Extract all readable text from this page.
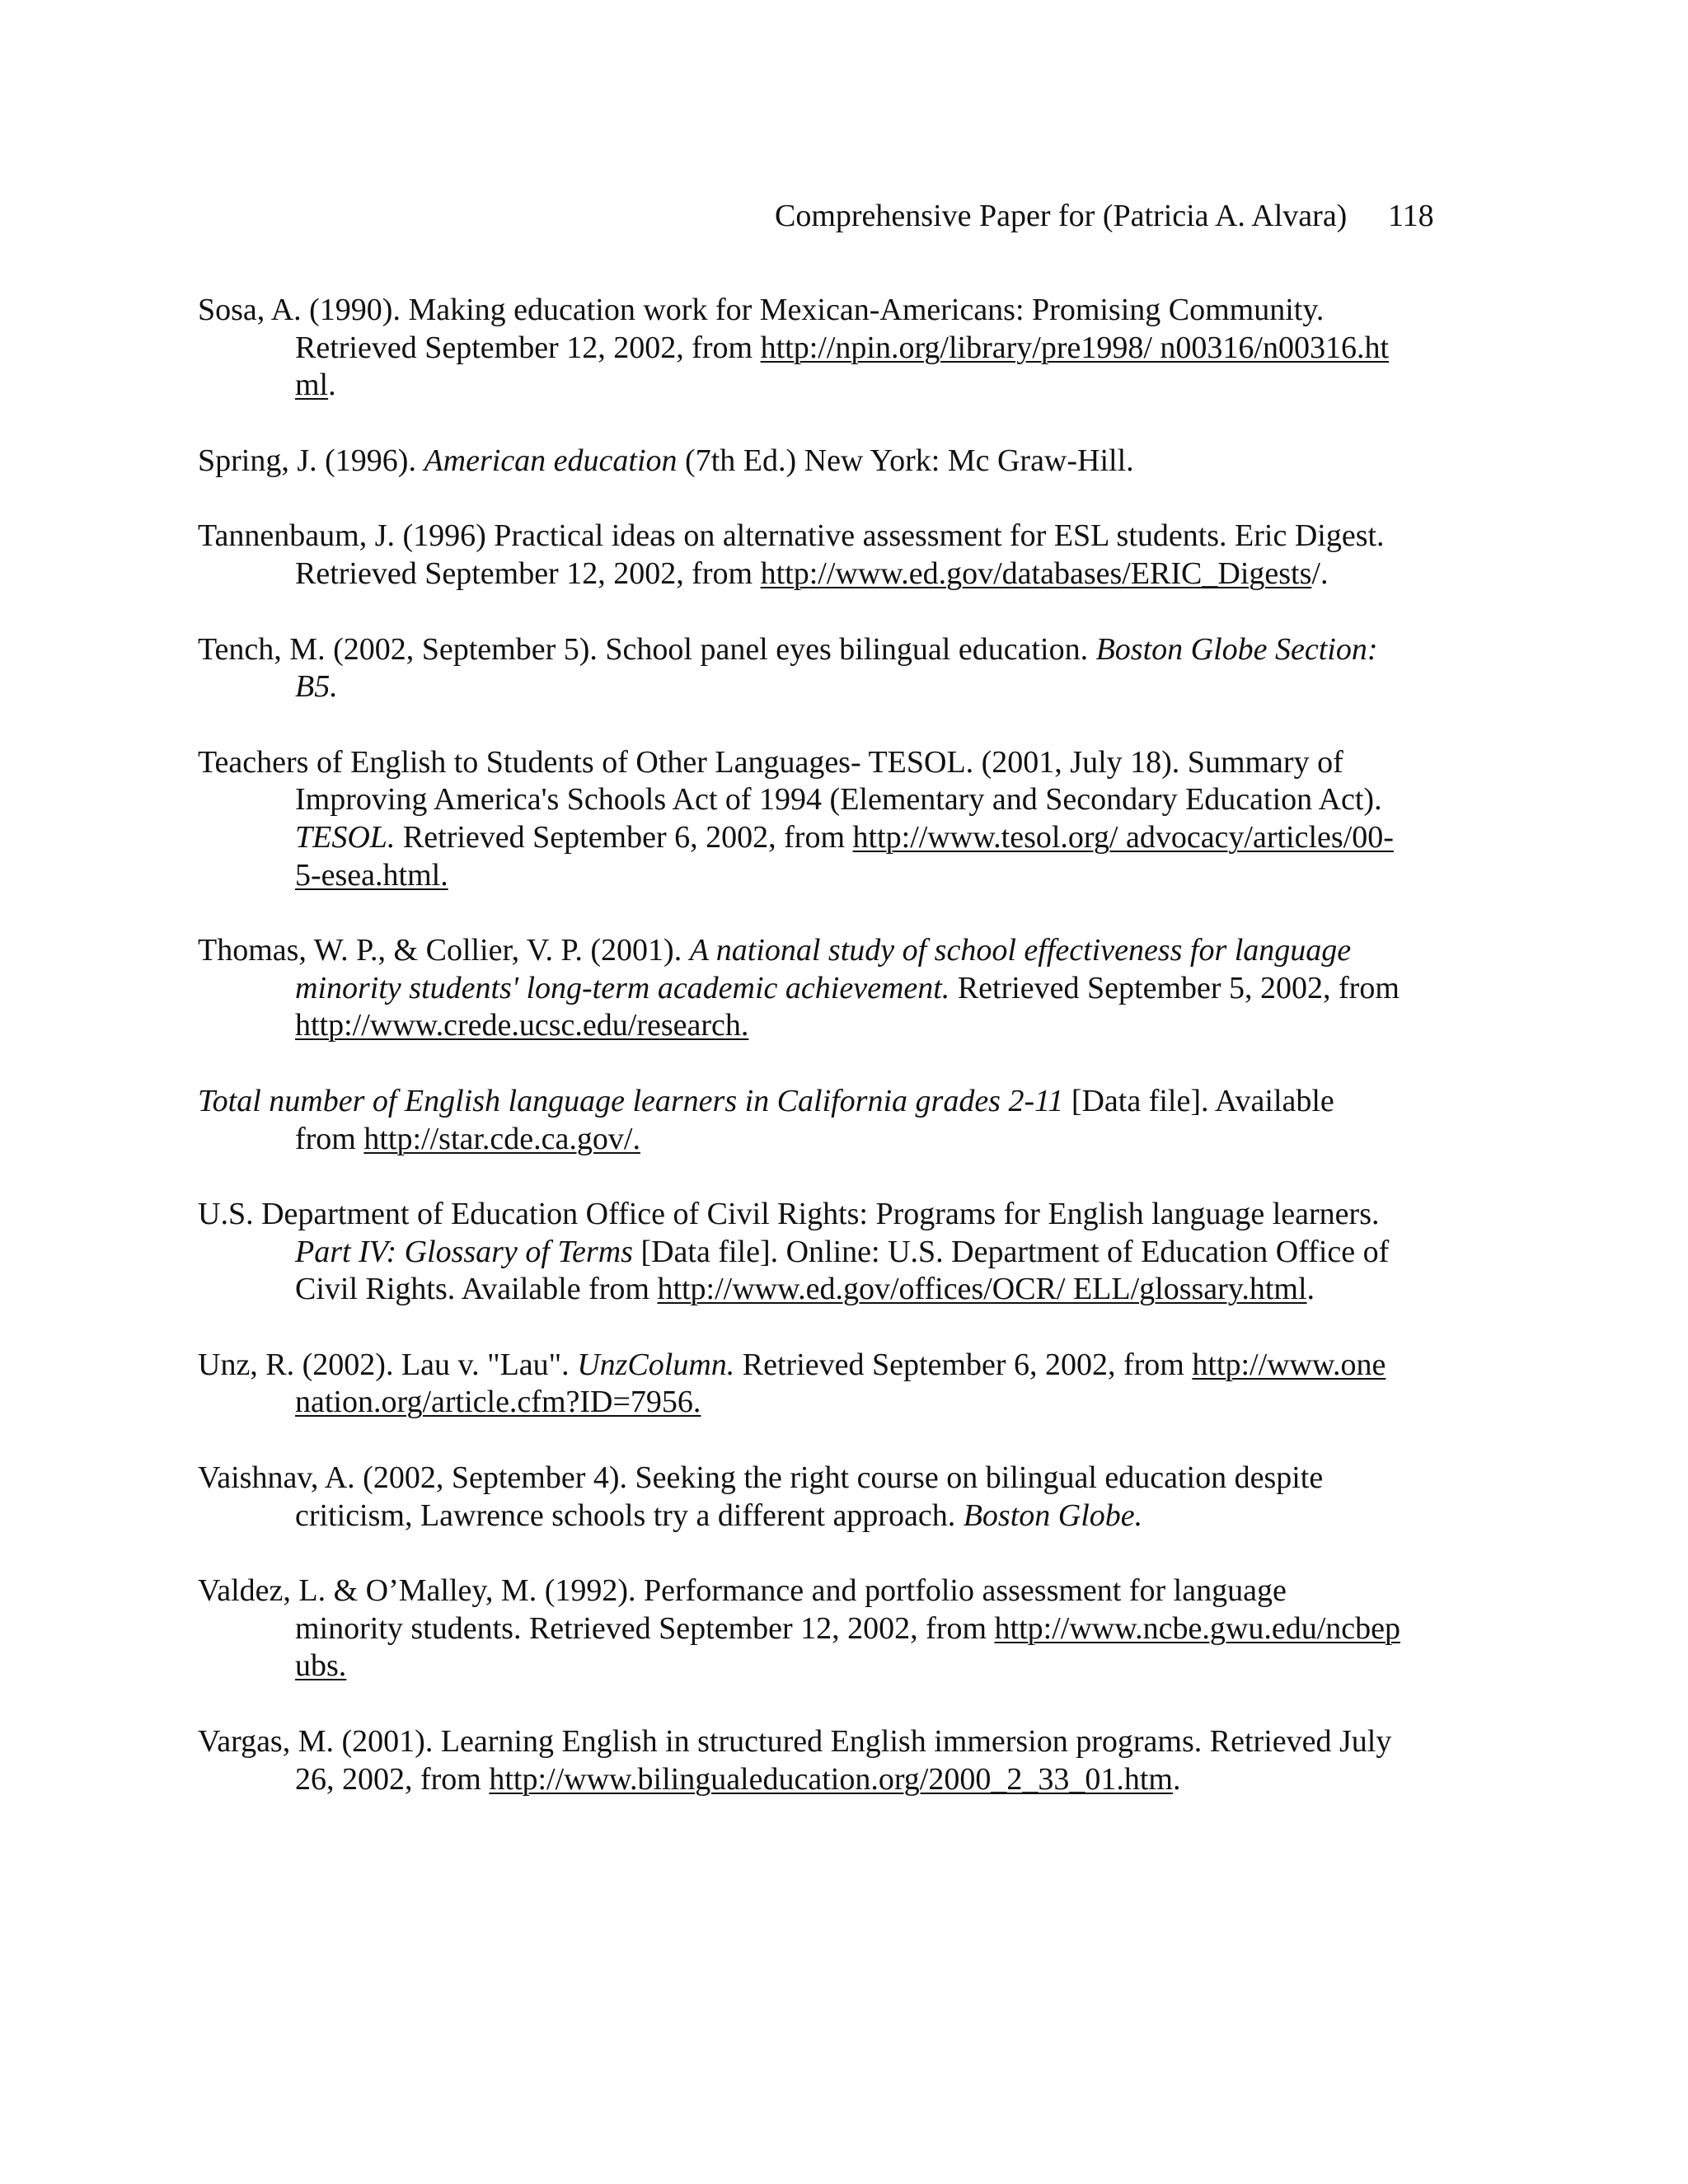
Comprehensive Paper for (Patricia A. Alvara) 118
Sosa, A. (1990). Making education work for Mexican-Americans: Promising Community. Retrieved September 12, 2002, from http://npin.org/library/pre1998/ n00316/n00316.html.
Spring, J. (1996). American education (7th Ed.) New York: Mc Graw-Hill.
Tannenbaum, J. (1996) Practical ideas on alternative assessment for ESL students. Eric Digest. Retrieved September 12, 2002, from http://www.ed.gov/databases/ERIC_Digests/.
Tench, M. (2002, September 5). School panel eyes bilingual education. Boston Globe Section: B5.
Teachers of English to Students of Other Languages- TESOL. (2001, July 18). Summary of Improving America's Schools Act of 1994 (Elementary and Secondary Education Act). TESOL. Retrieved September 6, 2002, from http://www.tesol.org/ advocacy/articles/00-5-esea.html.
Thomas, W. P., & Collier, V. P. (2001). A national study of school effectiveness for language minority students' long-term academic achievement. Retrieved September 5, 2002, from http://www.crede.ucsc.edu/research.
Total number of English language learners in California grades 2-11 [Data file]. Available from http://star.cde.ca.gov/.
U.S. Department of Education Office of Civil Rights: Programs for English language learners. Part IV: Glossary of Terms [Data file]. Online: U.S. Department of Education Office of Civil Rights. Available from http://www.ed.gov/offices/OCR/ ELL/glossary.html.
Unz, R. (2002). Lau v. "Lau". UnzColumn. Retrieved September 6, 2002, from http://www.onenation.org/article.cfm?ID=7956.
Vaishnav, A. (2002, September 4). Seeking the right course on bilingual education despite criticism, Lawrence schools try a different approach. Boston Globe.
Valdez, L. & O’Malley, M. (1992). Performance and portfolio assessment for language minority students. Retrieved September 12, 2002, from http://www.ncbe.gwu.edu/ncbepubs.
Vargas, M. (2001). Learning English in structured English immersion programs. Retrieved July 26, 2002, from http://www.bilingualeducation.org/2000_2_33_01.htm.
